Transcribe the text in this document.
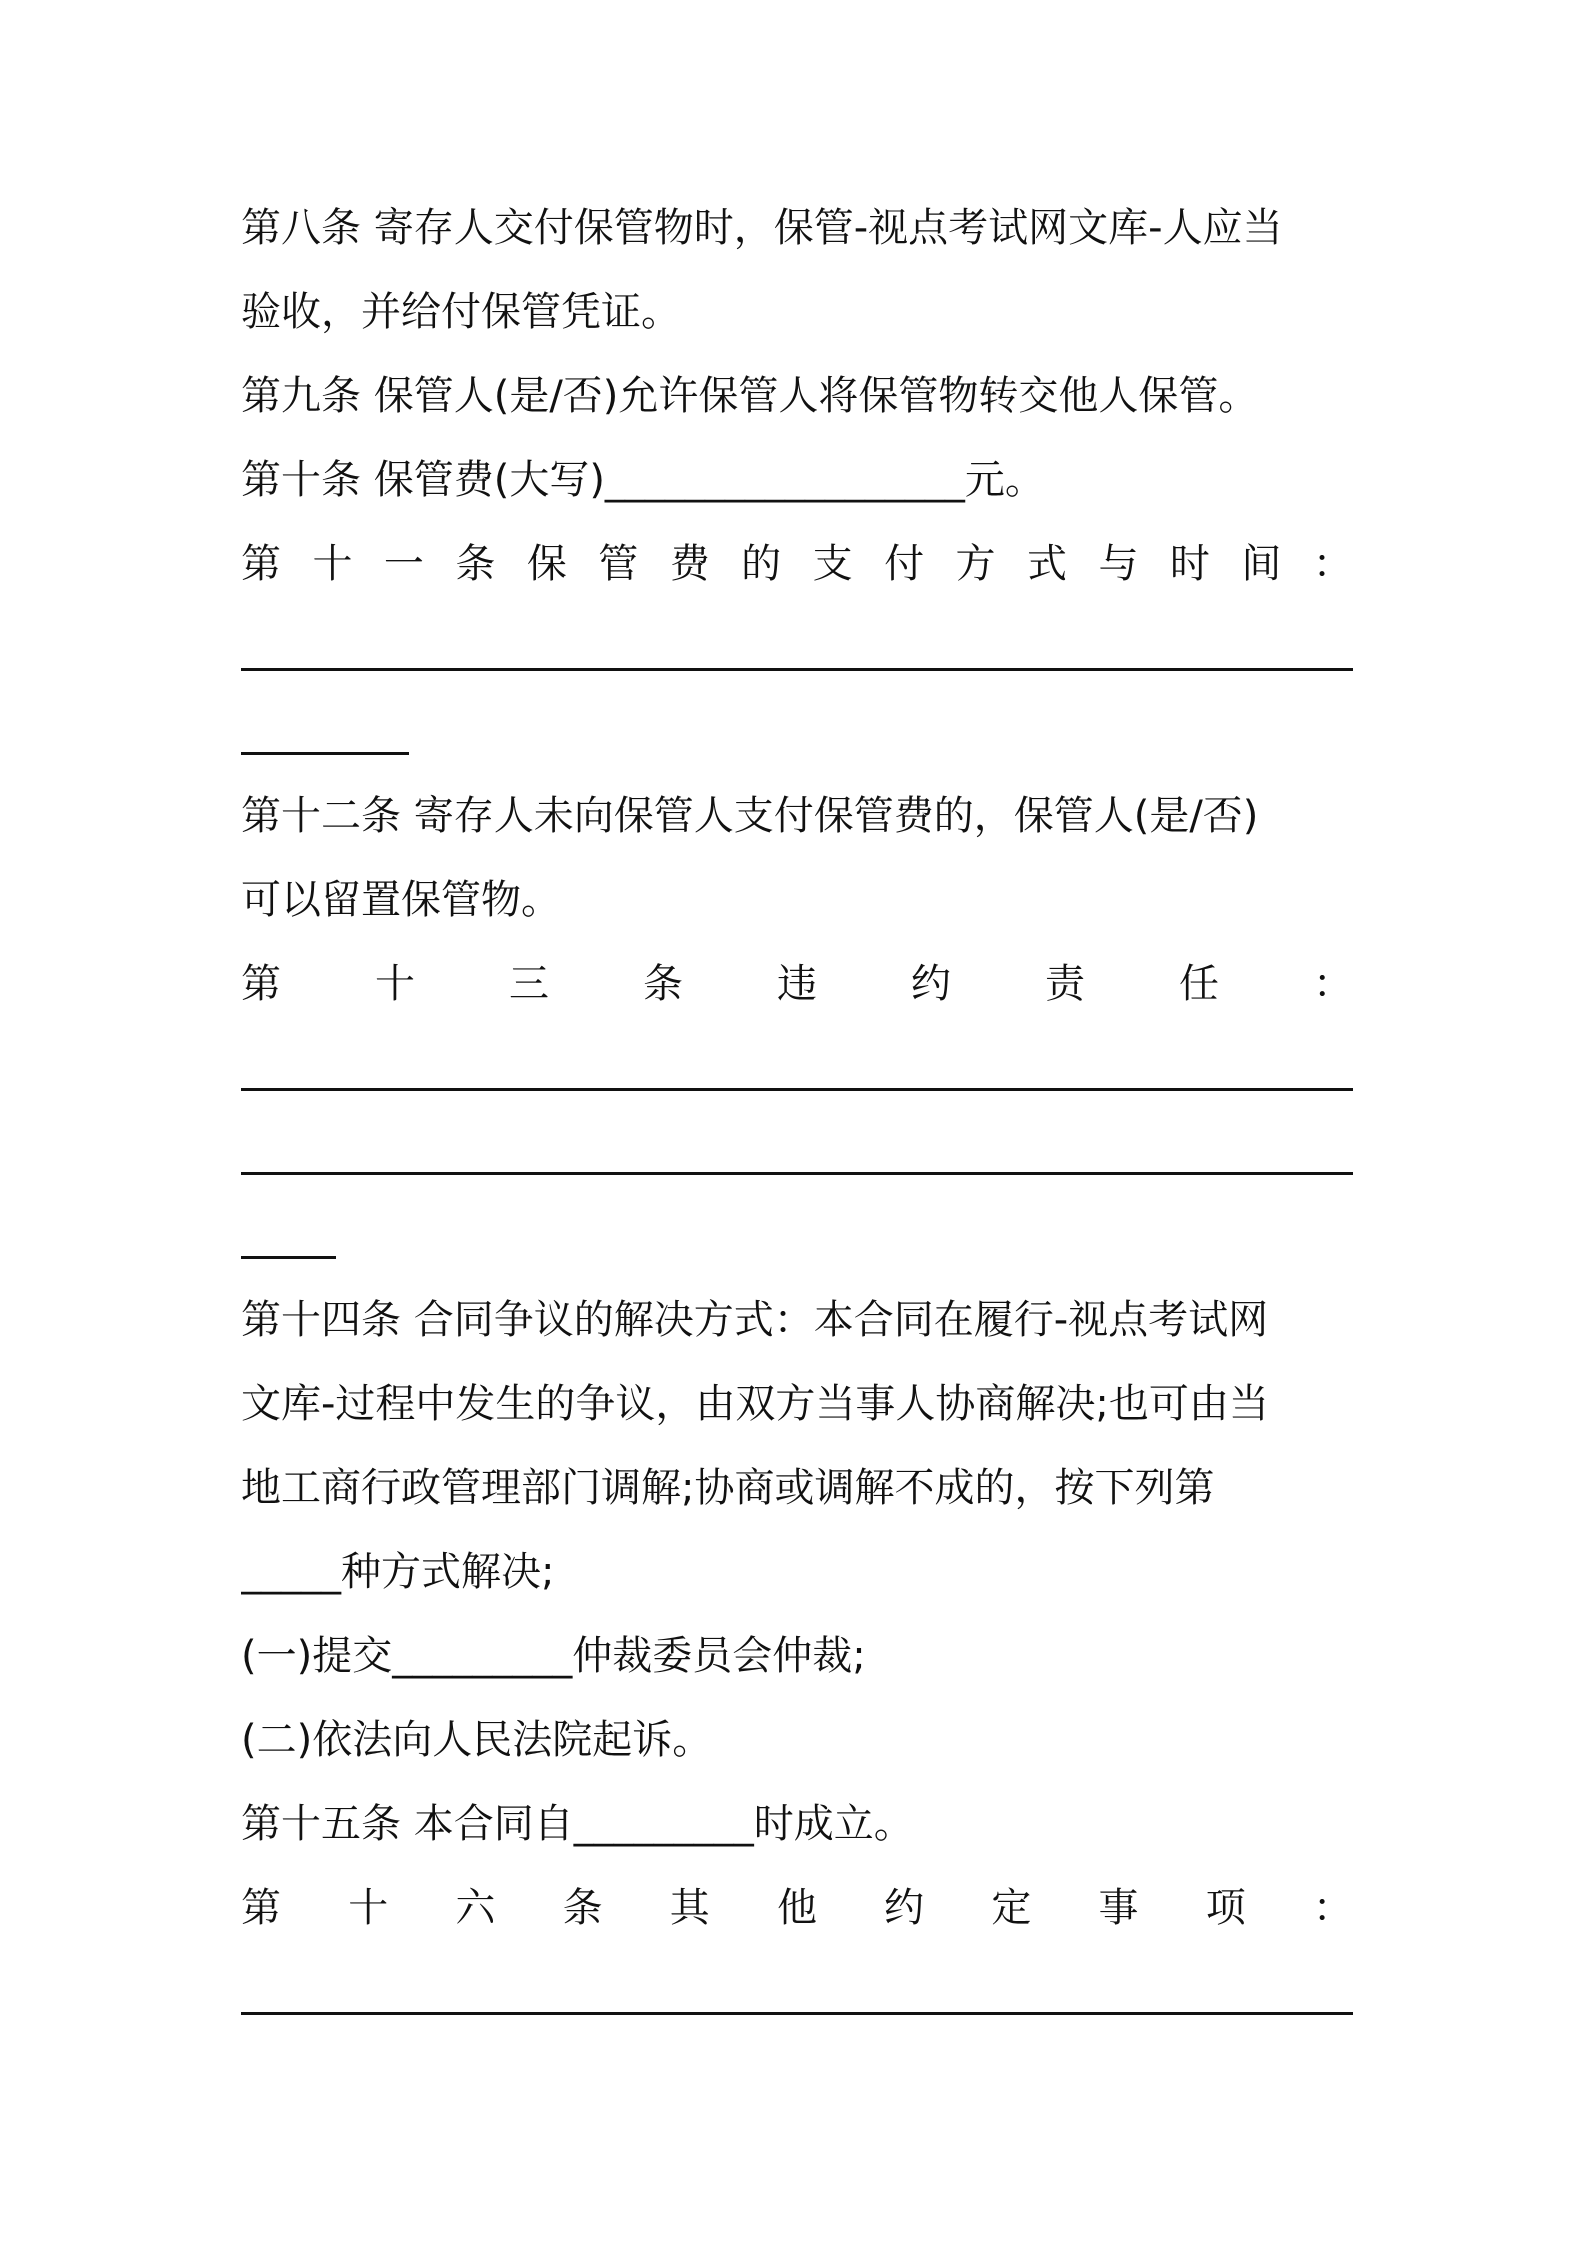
第八条 寄存人交付保管物时，保管-视点考试网文库-人应当
验收，并给付保管凭证。
第九条 保管人(是/否)允许保管人将保管物转交他人保管。
第十条 保管费(大写)__________________元。
第 十 一 条 保 管 费 的 支 付 方 式 与 时 间 ：
第十二条 寄存人未向保管人支付保管费的，保管人(是/否)
可以留置保管物。
第 十 三 条 违 约 责 任 ：
第十四条 合同争议的解决方式：本合同在履行-视点考试网
文库-过程中发生的争议，由双方当事人协商解决;也可由当
地工商行政管理部门调解;协商或调解不成的，按下列第
_____种方式解决;
(一)提交_________仲裁委员会仲裁;
(二)依法向人民法院起诉。
第十五条 本合同自_________时成立。
第 十 六 条 其 他 约 定 事 项 ：
